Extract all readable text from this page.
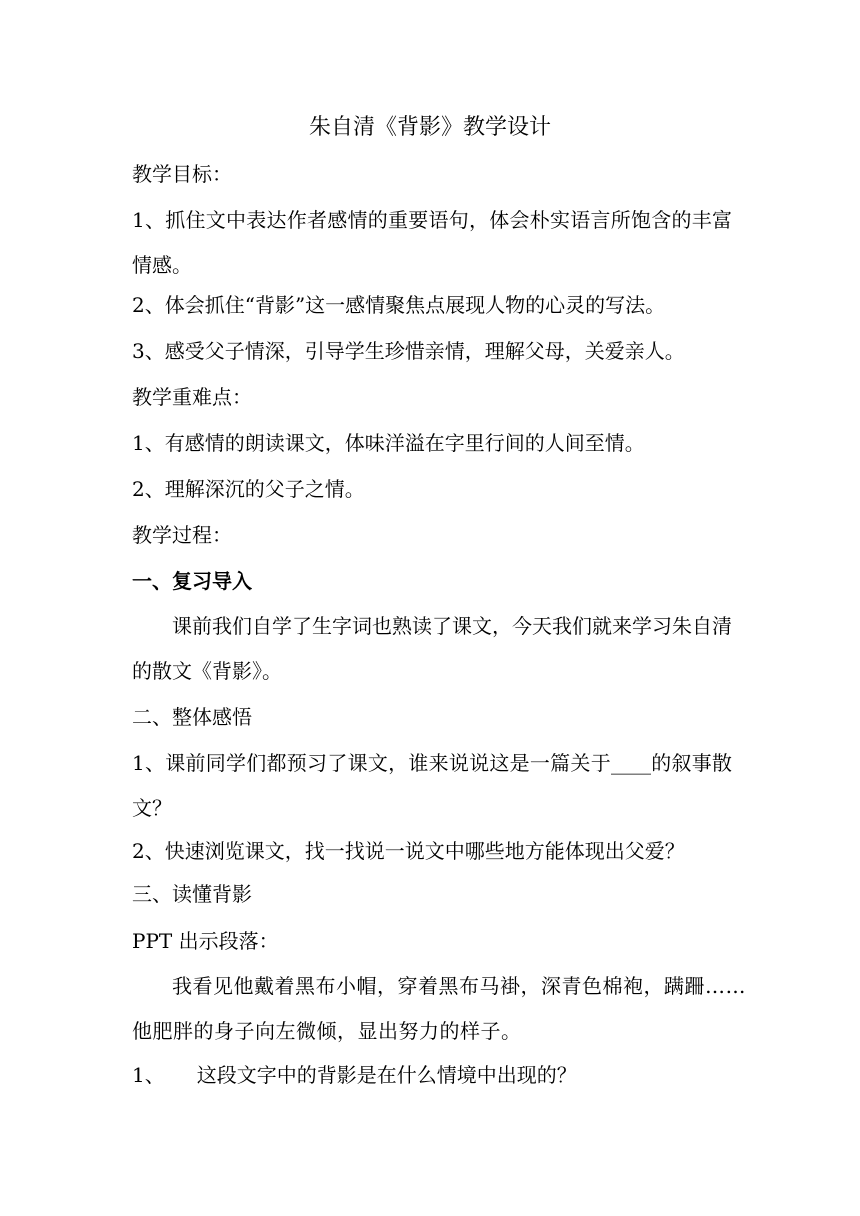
朱自清《背影》教学设计
教学目标：
1、抓住文中表达作者感情的重要语句，体会朴实语言所饱含的丰富
情感。
2、体会抓住“背影”这一感情聚焦点展现人物的心灵的写法。
3、感受父子情深，引导学生珍惜亲情，理解父母，关爱亲人。
教学重难点：
1、有感情的朗读课文，体味洋溢在字里行间的人间至情。
2、理解深沉的父子之情。
教学过程：
一、复习导入
课前我们自学了生字词也熟读了课文，今天我们就来学习朱自清
的散文《背影》。
二、整体感悟
1、课前同学们都预习了课文，谁来说说这是一篇关于____的叙事散
文？
2、快速浏览课文，找一找说一说文中哪些地方能体现出父爱？
三、读懂背影
PPT 出示段落：
我看见他戴着黑布小帽，穿着黑布马褂，深青色棉袍，蹒跚……
他肥胖的身子向左微倾，显出努力的样子。
1、 这段文字中的背影是在什么情境中出现的？
